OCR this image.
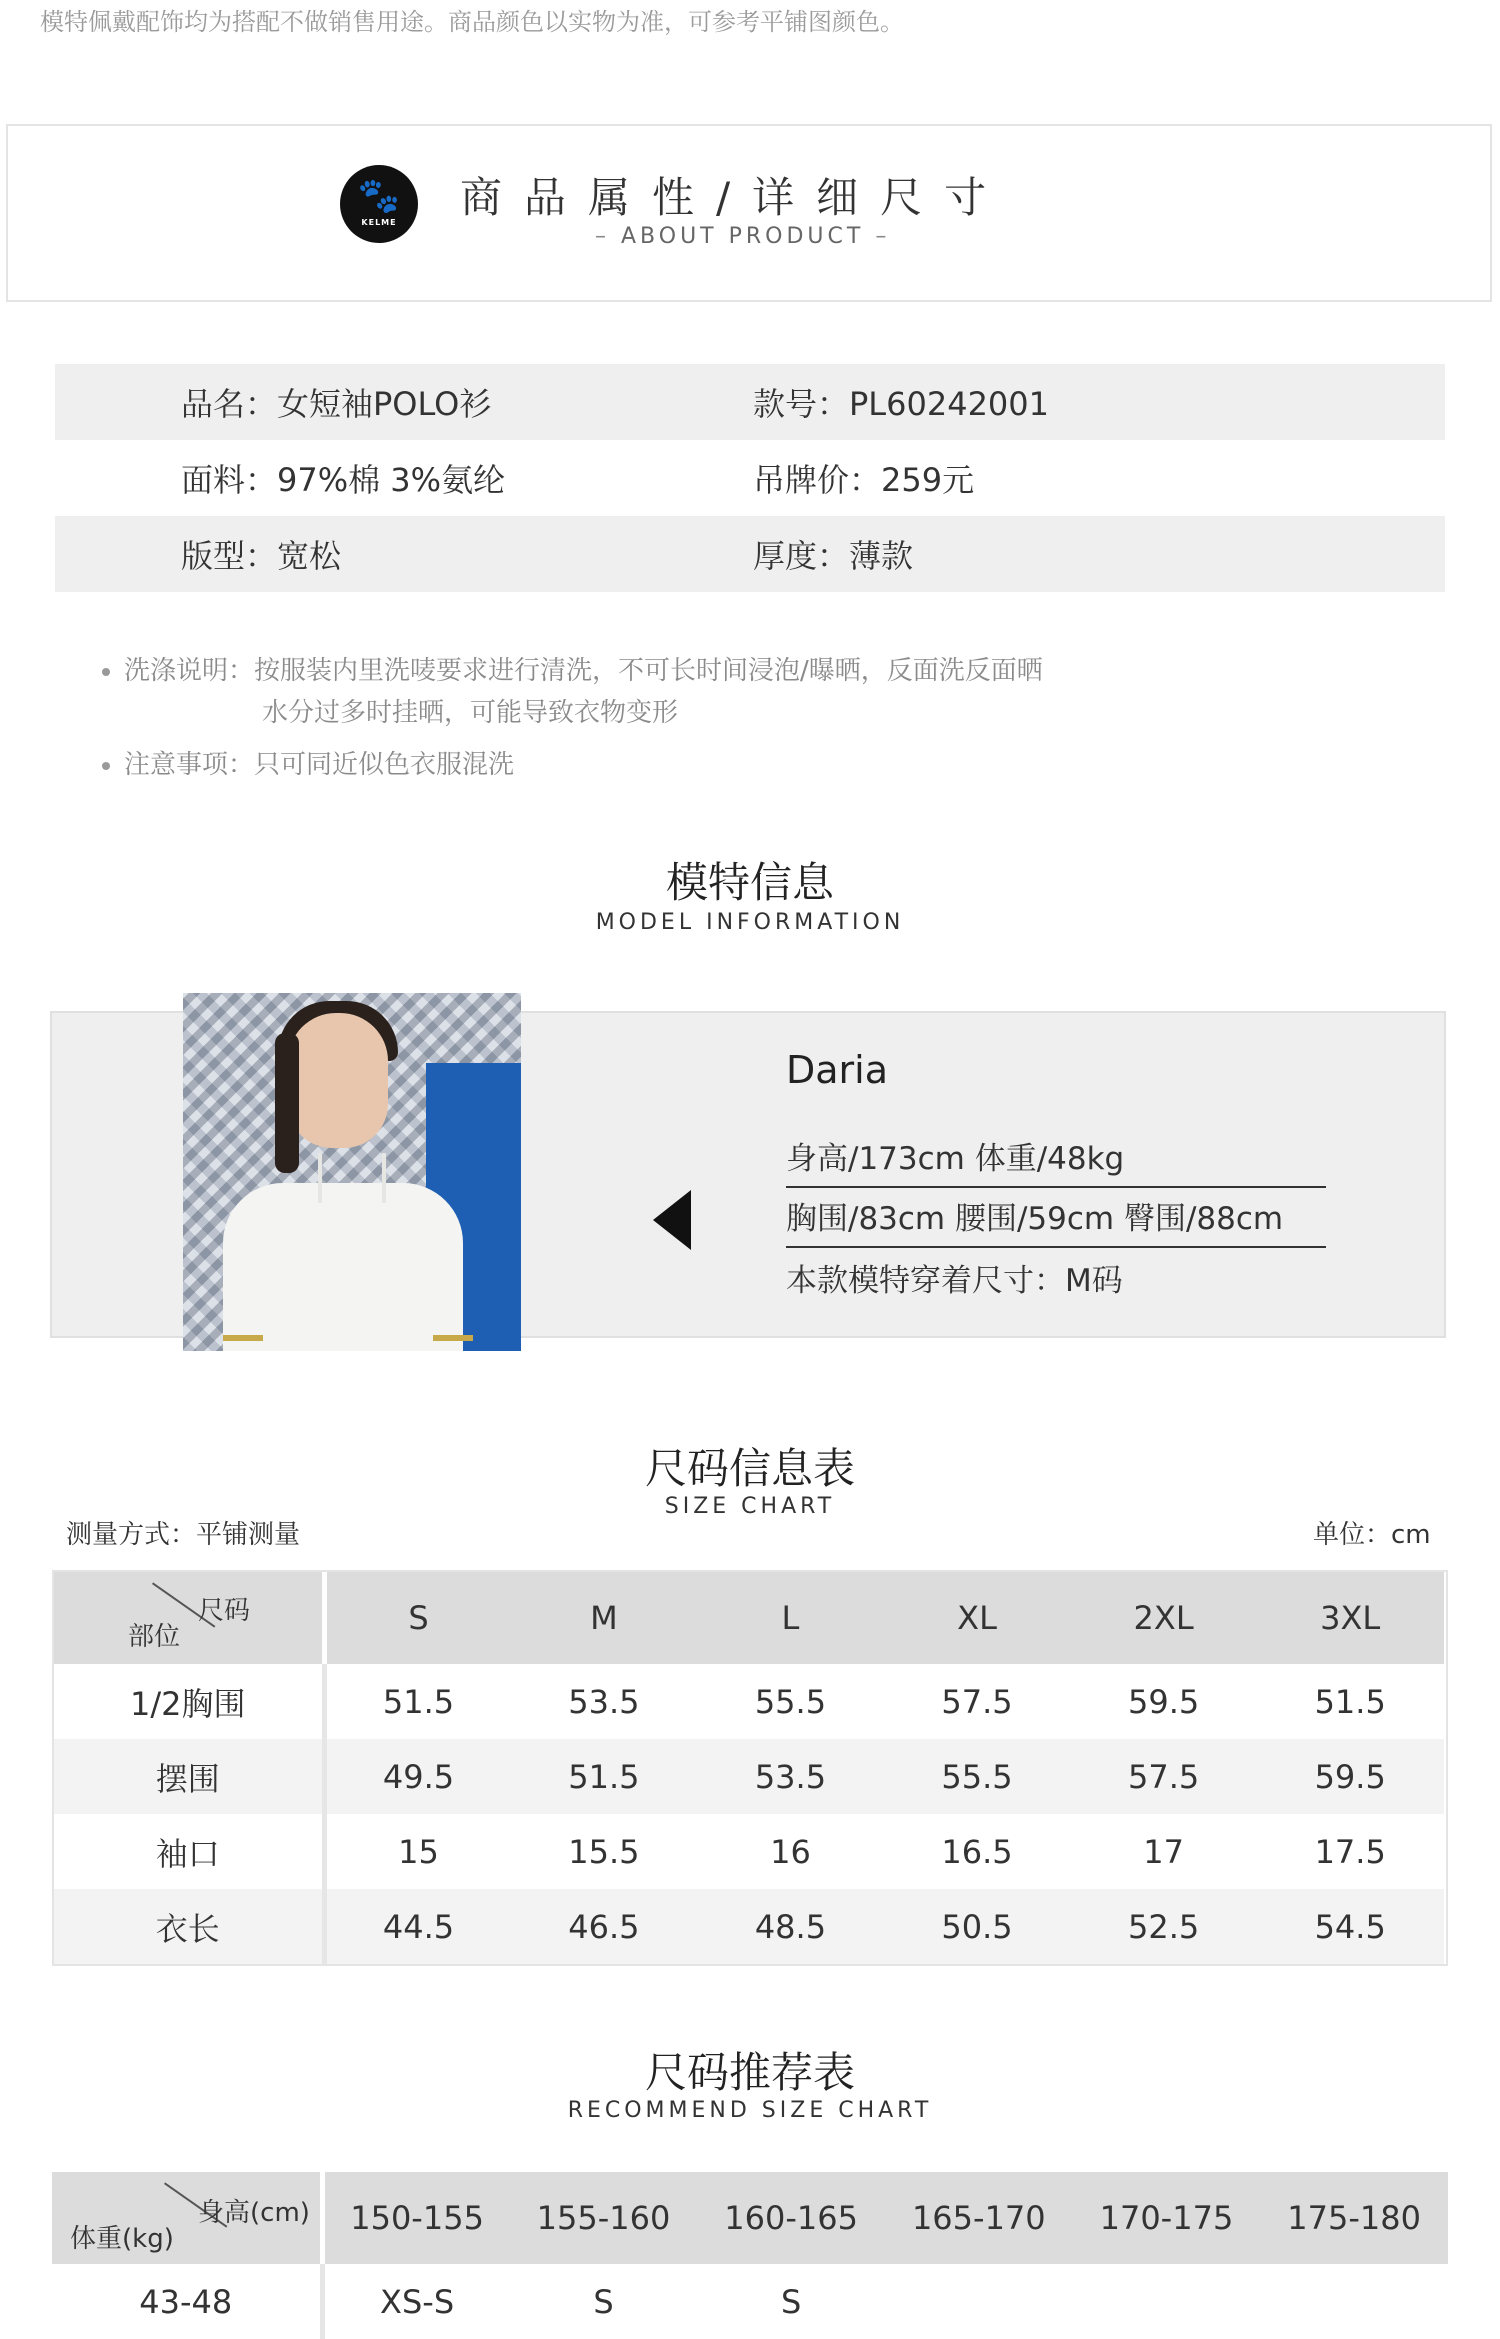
模特佩戴配饰均为搭配不做销售用途。商品颜色以实物为准，可参考平铺图颜色。
🐾
KELME
商品属性/详细尺寸
– ABOUT PRODUCT –
品名：女短袖POLO衫	款号：PL60242001
面料：97%棉 3%氨纶	吊牌价：259元
版型：宽松	厚度：薄款
洗涤说明：按服装内里洗唛要求进行清洗，不可长时间浸泡/曝晒，反面洗反面晒
水分过多时挂晒，可能导致衣物变形
注意事项：只可同近似色衣服混洗
模特信息
MODEL INFORMATION
Daria
身高/173cm 体重/48kg
胸围/83cm 腰围/59cm 臀围/88cm
本款模特穿着尺寸：M码
尺码信息表
SIZE CHART
测量方式：平铺测量	单位：cm
尺码
部位	S	M	L	XL	2XL	3XL
1/2胸围	51.5	53.5	55.5	57.5	59.5	51.5
摆围	49.5	51.5	53.5	55.5	57.5	59.5
袖口	15	15.5	16	16.5	17	17.5
衣长	44.5	46.5	48.5	50.5	52.5	54.5
尺码推荐表
RECOMMEND SIZE CHART
身高(cm)
体重(kg)	150-155	155-160	160-165	165-170	170-175	175-180
43-48	XS-S	S	S			
